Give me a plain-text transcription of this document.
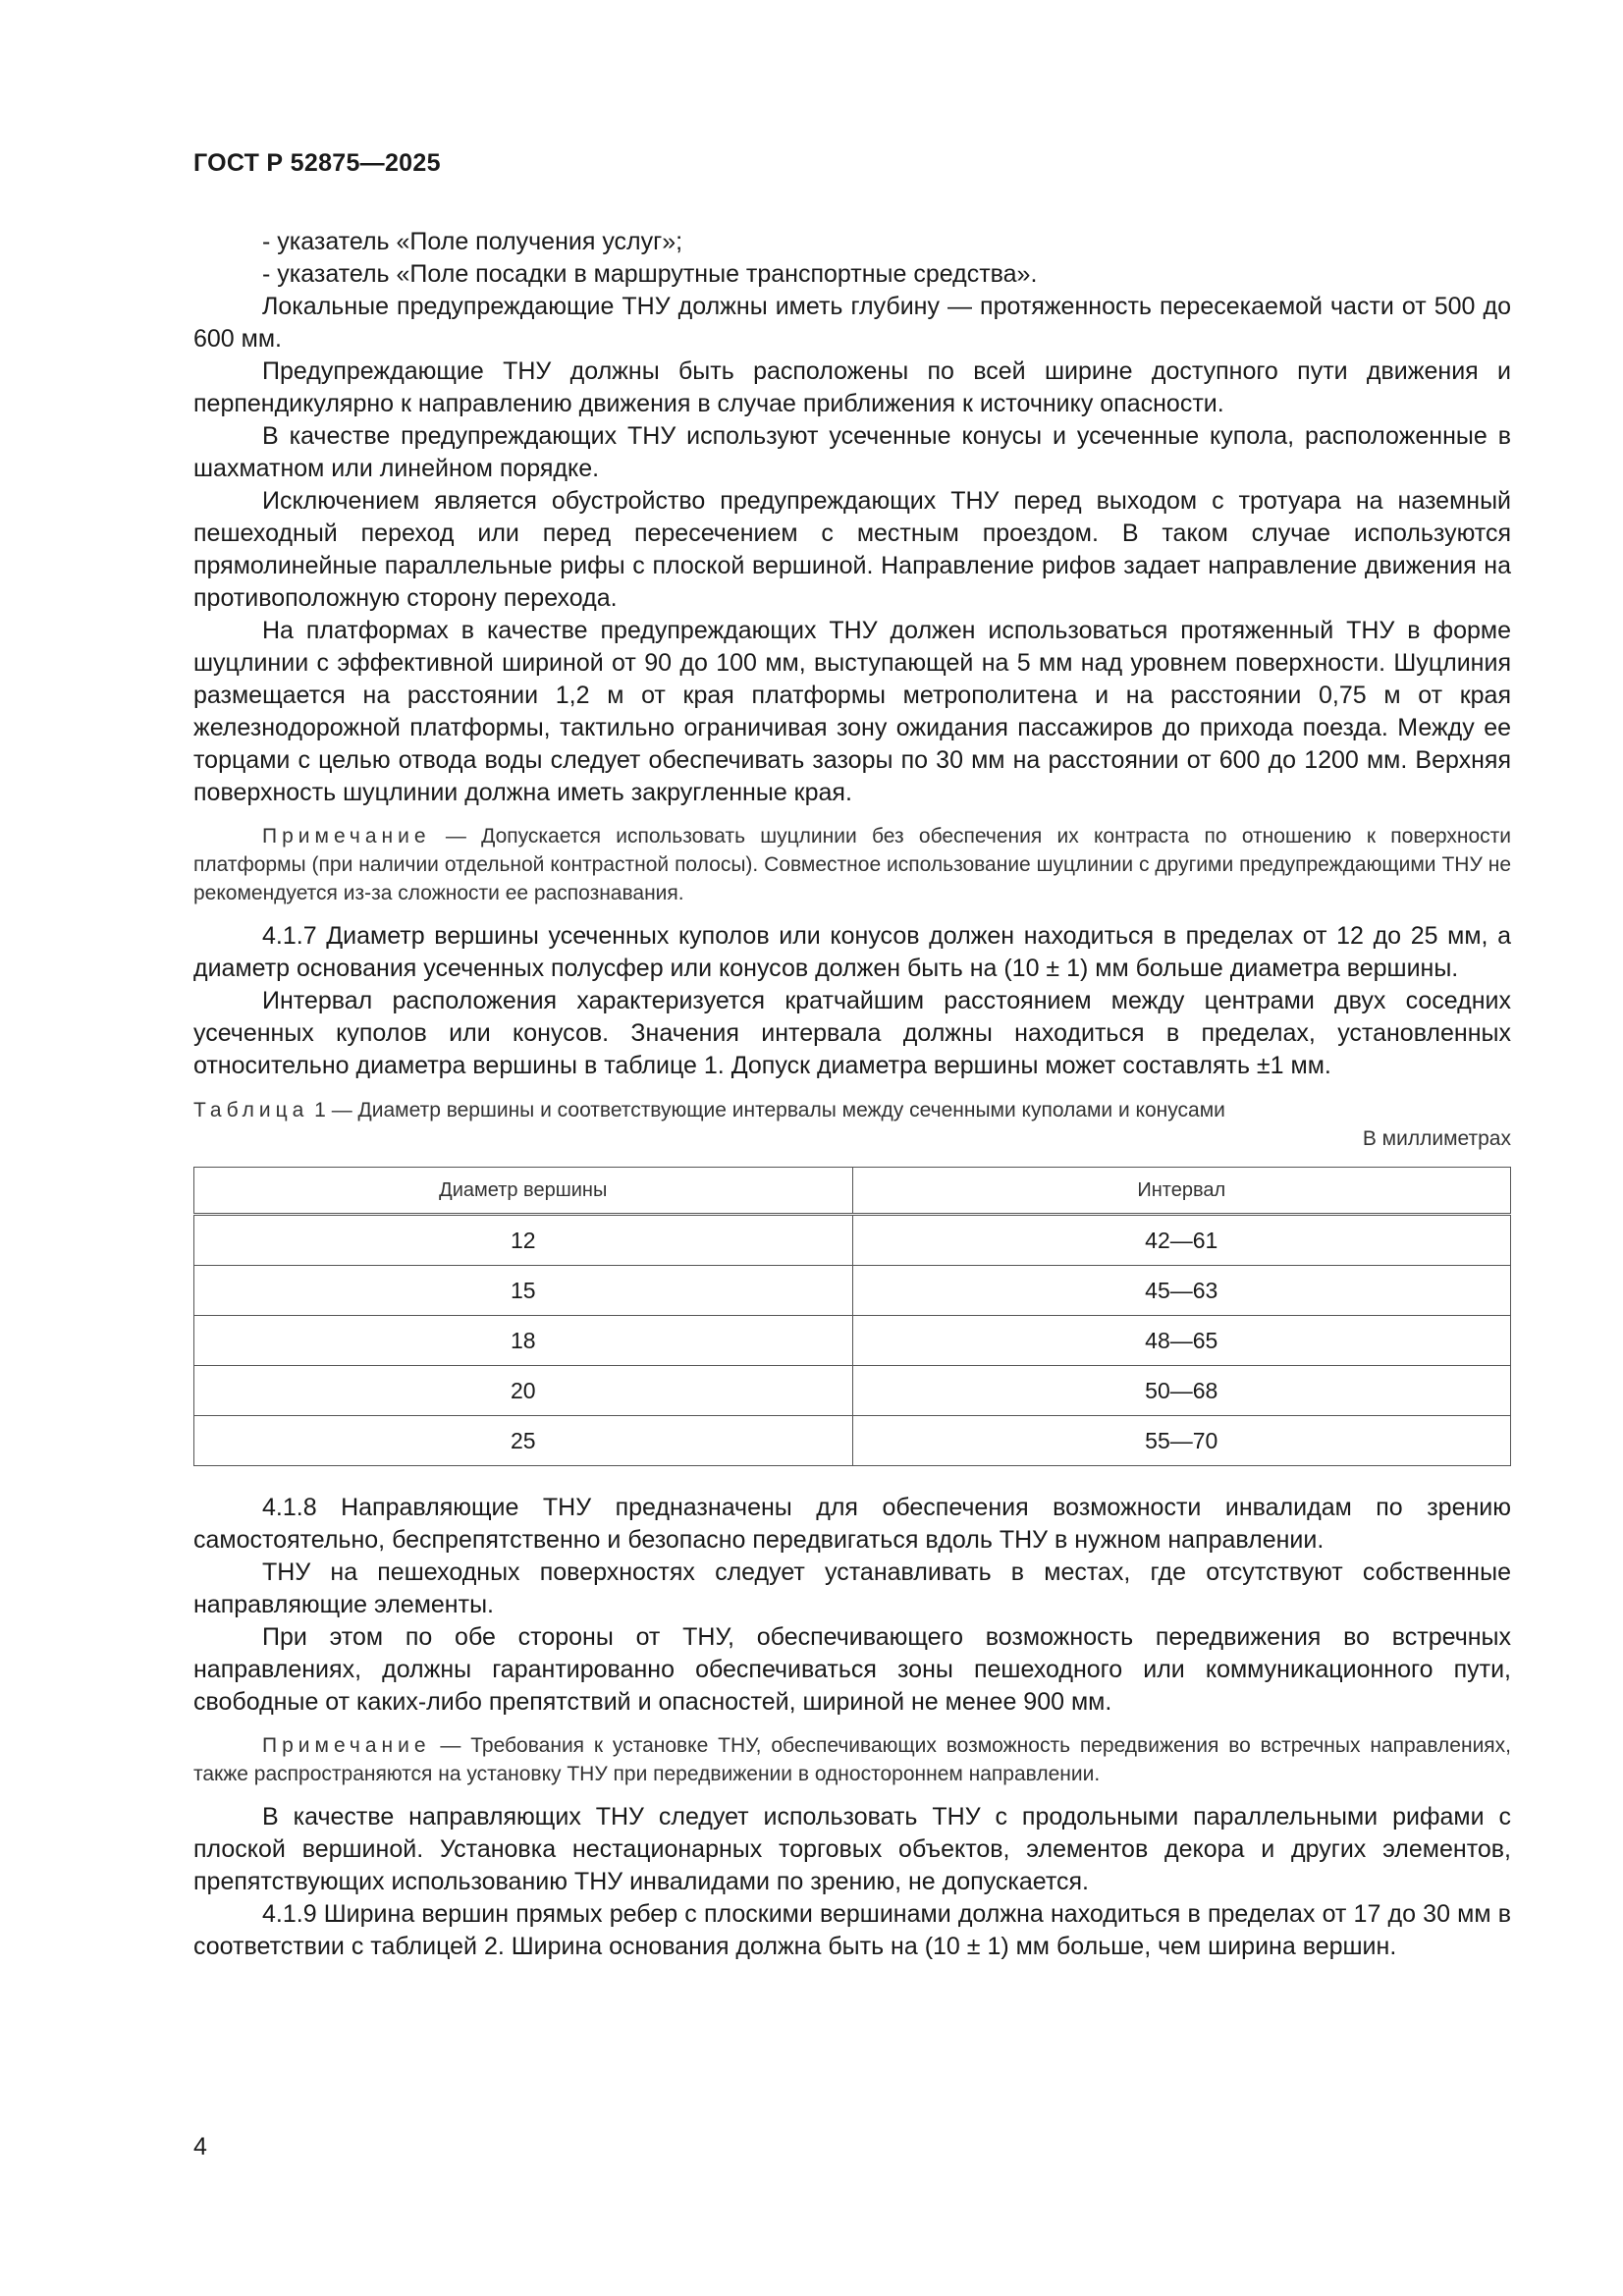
ГОСТ Р 52875—2025

- указатель «Поле получения услуг»;

- указатель «Поле посадки в маршрутные транспортные средства».

Локальные предупреждающие ТНУ должны иметь глубину — протяженность пересекаемой части от 500 до 600 мм.

Предупреждающие ТНУ должны быть расположены по всей ширине доступного пути движения и перпендикулярно к направлению движения в случае приближения к источнику опасности.

В качестве предупреждающих ТНУ используют усеченные конусы и усеченные купола, расположенные в шахматном или линейном порядке.

Исключением является обустройство предупреждающих ТНУ перед выходом с тротуара на наземный пешеходный переход или перед пересечением с местным проездом. В таком случае используются прямолинейные параллельные рифы с плоской вершиной. Направление рифов задает направление движения на противоположную сторону перехода.

На платформах в качестве предупреждающих ТНУ должен использоваться протяженный ТНУ в форме шуцлинии с эффективной шириной от 90 до 100 мм, выступающей на 5 мм над уровнем поверхности. Шуцлиния размещается на расстоянии 1,2 м от края платформы метрополитена и на расстоянии 0,75 м от края железнодорожной платформы, тактильно ограничивая зону ожидания пассажиров до прихода поезда. Между ее торцами с целью отвода воды следует обеспечивать зазоры по 30 мм на расстоянии от 600 до 1200 мм. Верхняя поверхность шуцлинии должна иметь закругленные края.

Примечание — Допускается использовать шуцлинии без обеспечения их контраста по отношению к поверхности платформы (при наличии отдельной контрастной полосы). Совместное использование шуцлинии с другими предупреждающими ТНУ не рекомендуется из-за сложности ее распознавания.

4.1.7 Диаметр вершины усеченных куполов или конусов должен находиться в пределах от 12 до 25 мм, а диаметр основания усеченных полусфер или конусов должен быть на (10 ± 1) мм больше диаметра вершины.

Интервал расположения характеризуется кратчайшим расстоянием между центрами двух соседних усеченных куполов или конусов. Значения интервала должны находиться в пределах, установленных относительно диаметра вершины в таблице 1. Допуск диаметра вершины может составлять ±1 мм.

Таблица 1 — Диаметр вершины и соответствующие интервалы между сеченными куполами и конусами
В миллиметрах
Диаметр вершины	Интервал
12	42—61
15	45—63
18	48—65
20	50—68
25	55—70

4.1.8 Направляющие ТНУ предназначены для обеспечения возможности инвалидам по зрению самостоятельно, беспрепятственно и безопасно передвигаться вдоль ТНУ в нужном направлении.

ТНУ на пешеходных поверхностях следует устанавливать в местах, где отсутствуют собственные направляющие элементы.

При этом по обе стороны от ТНУ, обеспечивающего возможность передвижения во встречных направлениях, должны гарантированно обеспечиваться зоны пешеходного или коммуникационного пути, свободные от каких-либо препятствий и опасностей, шириной не менее 900 мм.

Примечание — Требования к установке ТНУ, обеспечивающих возможность передвижения во встречных направлениях, также распространяются на установку ТНУ при передвижении в одностороннем направлении.

В качестве направляющих ТНУ следует использовать ТНУ с продольными параллельными рифами с плоской вершиной. Установка нестационарных торговых объектов, элементов декора и других элементов, препятствующих использованию ТНУ инвалидами по зрению, не допускается.

4.1.9 Ширина вершин прямых ребер с плоскими вершинами должна находиться в пределах от 17 до 30 мм в соответствии с таблицей 2. Ширина основания должна быть на (10 ± 1) мм больше, чем ширина вершин.

4
